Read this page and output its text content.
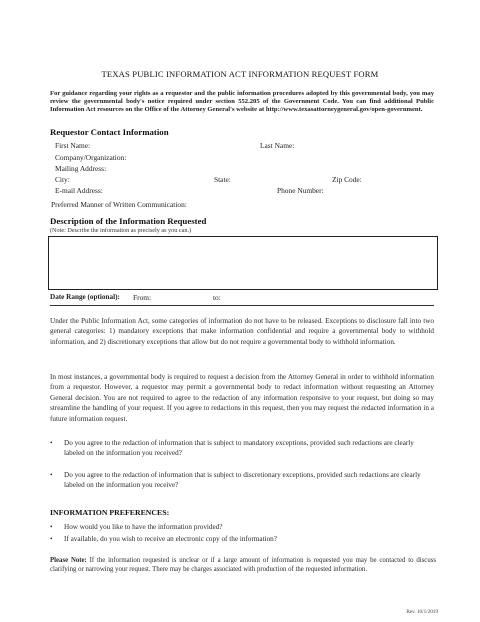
TEXAS PUBLIC INFORMATION ACT INFORMATION REQUEST FORM
For guidance regarding your rights as a requestor and the public information procedures adopted by this governmental body, you may review the governmental body's notice required under section 552.205 of the Government Code. You can find additional Public Information Act resources on the Office of the Attorney General's website at http://www.texasattorneygeneral.gov/open-government.
Requestor Contact Information
First Name:	Last Name:
Company/Organization:
Mailing Address:
City:	State:	Zip Code:
E-mail Address:	Phone Number:
Preferred Manner of Written Communication:
Description of the Information Requested
(Note: Describe the information as precisely as you can.)
Date Range (optional): From:	to:
Under the Public Information Act, some categories of information do not have to be released. Exceptions to disclosure fall into two general categories: 1) mandatory exceptions that make information confidential and require a governmental body to withhold information, and 2) discretionary exceptions that allow but do not require a governmental body to withhold information.
In most instances, a governmental body is required to request a decision from the Attorney General in order to withhold information from a requestor. However, a requestor may permit a governmental body to redact information without requesting an Attorney General decision. You are not required to agree to the redaction of any information responsive to your request, but doing so may streamline the handling of your request. If you agree to redactions in this request, then you may request the redacted information in a future information request.
•	Do you agree to the redaction of information that is subject to mandatory exceptions, provided such redactions are clearly labeled on the information you received?
•	Do you agree to the redaction of information that is subject to discretionary exceptions, provided such redactions are clearly labeled on the information you receive?
INFORMATION PREFERENCES:
•	How would you like to have the information provided?
•	If available, do you wish to receive an electronic copy of the information?
Please Note: If the information requested is unclear or if a large amount of information is requested you may be contacted to discuss clarifying or narrowing your request. There may be charges associated with production of the requested information.
Rev. 10/1/2019
